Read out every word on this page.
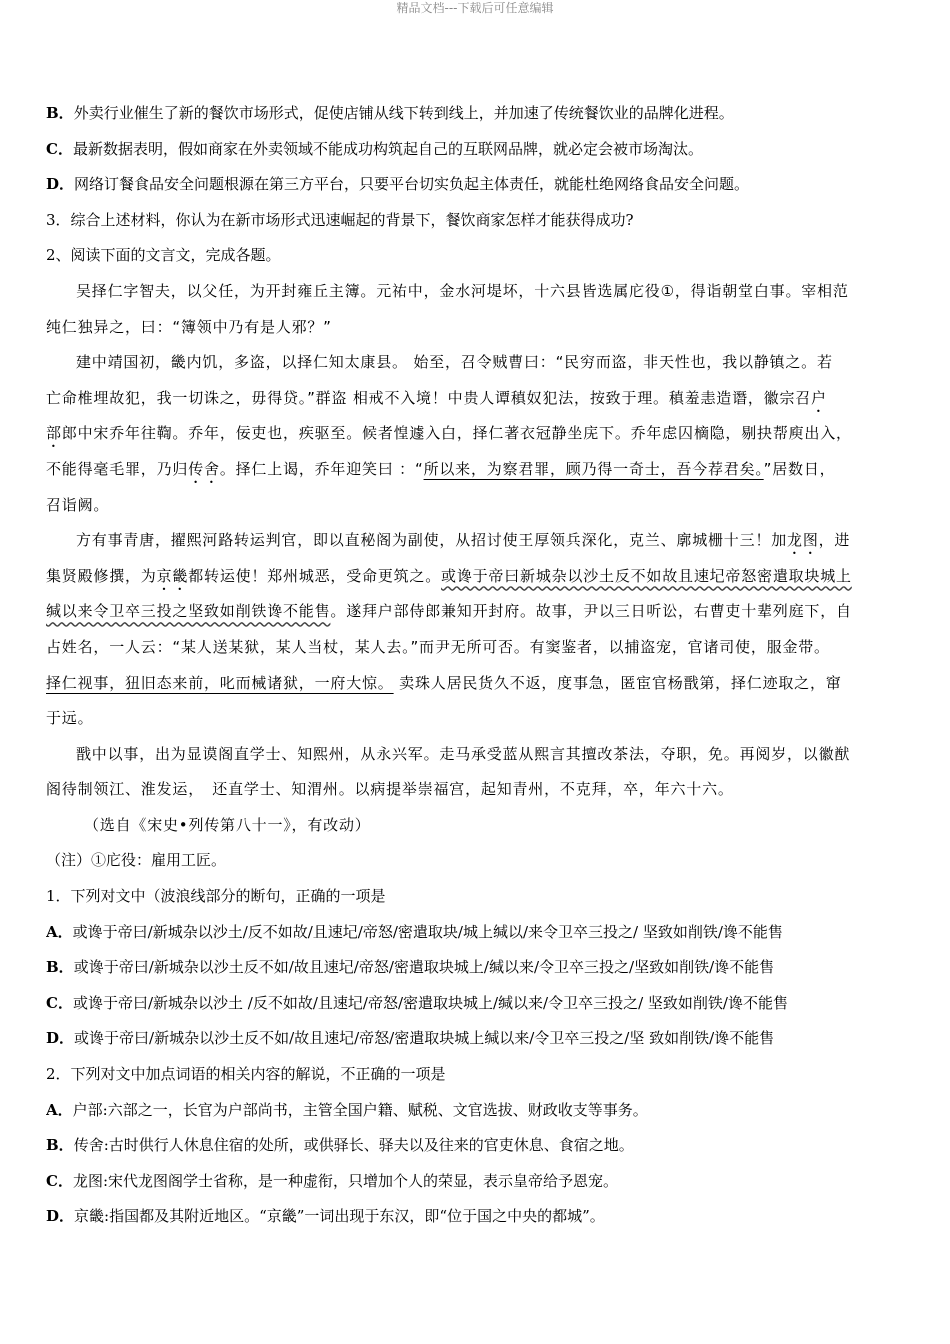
精品文档---下载后可任意编辑
B．外卖行业催生了新的餐饮市场形式，促使店铺从线下转到线上，并加速了传统餐饮业的品牌化进程。
C．最新数据表明，假如商家在外卖领域不能成功构筑起自己的互联网品牌，就必定会被市场淘汰。
D．网络订餐食品安全问题根源在第三方平台，只要平台切实负起主体责任，就能杜绝网络食品安全问题。
3．综合上述材料，你认为在新市场形式迅速崛起的背景下，餐饮商家怎样才能获得成功?
2、阅读下面的文言文，完成各题。
吴择仁字智夫，以父任，为开封雍丘主簿。元祐中，金水河堤坏，十六县皆选属庀役①，得诣朝堂白事。宰相范
纯仁独异之，曰：“簿领中乃有是人邪？”
建中靖国初，畿内饥，多盗，以择仁知太康县。 始至，召令贼曹曰：“民穷而盗，非天性也，我以静镇之。若
亡命椎埋故犯，我一切诛之，毋得贷。”群盗 相戒不入境！中贵人谭稹奴犯法，按致于理。稹羞恚造谮，徽宗召户
部郎中宋乔年往鞫。乔年，佞吏也，疾驱至。候者惶遽入白，择仁著衣冠静坐庑下。乔年虑囚樀隐，剔抉帮庾出入，
不能得毫毛罪，乃归传舍。择仁上谒，乔年迎笑曰 ：“所以来，为察君罪，顾乃得一奇士，吾今荐君矣。”居数日，
召诣阙。
方有事青唐，擢熙河路转运判官，即以直秘阁为副使，从招讨使王厚领兵深化，克兰、廓城栅十三！加龙图，进
集贤殿修撰，为京畿都转运使！郑州城恶，受命更筑之。或谗于帝曰新城杂以沙土反不如故且速圮帝怒密遣取块城上
缄以来令卫卒三投之坚致如削铁谗不能售。遂拜户部侍郎兼知开封府。故事，尹以三日听讼，右曹吏十辈列庭下，自
占姓名，一人云：“某人送某狱，某人当杖，某人去。”而尹无所可否。有窦鉴者，以捕盗宠，官诸司使，服金带。
择仁视事，狃旧态来前，叱而械诸狱，一府大惊。 卖珠人居民货久不返，度事急，匿宦官杨戬第，择仁迹取之，窜
于远。
戬中以事，出为显谟阁直学士、知熙州，从永兴军。走马承受蓝从熙言其擅改茶法，夺职，免。再阅岁，以徽猷
阁待制领江、淮发运，　还直学士、知渭州。以病提举崇福宫，起知青州，不克拜，卒，年六十六。
（选自《宋史•列传第八十一》，有改动）
（注）①庀役：雇用工匠。
1．下列对文中（波浪线部分的断句，正确的一项是
A．或谗于帝曰/新城杂以沙土/反不如故/且速圮/帝怒/密遣取块/城上缄以/来令卫卒三投之/ 坚致如削铁/谗不能售
B．或谗于帝曰/新城杂以沙土反不如/故且速圮/帝怒/密遣取块城上/缄以来/令卫卒三投之/坚致如削铁/谗不能售
C．或谗于帝曰/新城杂以沙土 /反不如故/且速圮/帝怒/密遣取块城上/缄以来/令卫卒三投之/ 坚致如削铁/谗不能售
D．或谗于帝曰/新城杂以沙土反不如/故且速圮/帝怒/密遣取块城上缄以来/令卫卒三投之/坚 致如削铁/谗不能售
2．下列对文中加点词语的相关内容的解说，不正确的一项是
A．户部:六部之一，长官为户部尚书，主管全国户籍、赋税、文官选拔、财政收支等事务。
B．传舍:古时供行人休息住宿的处所，或供驿长、驿夫以及往来的官吏休息、食宿之地。
C．龙图:宋代龙图阁学士省称，是一种虚衔，只增加个人的荣显，表示皇帝给予恩宠。
D．京畿:指国都及其附近地区。“京畿”一词出现于东汉，即“位于国之中央的都城”。
